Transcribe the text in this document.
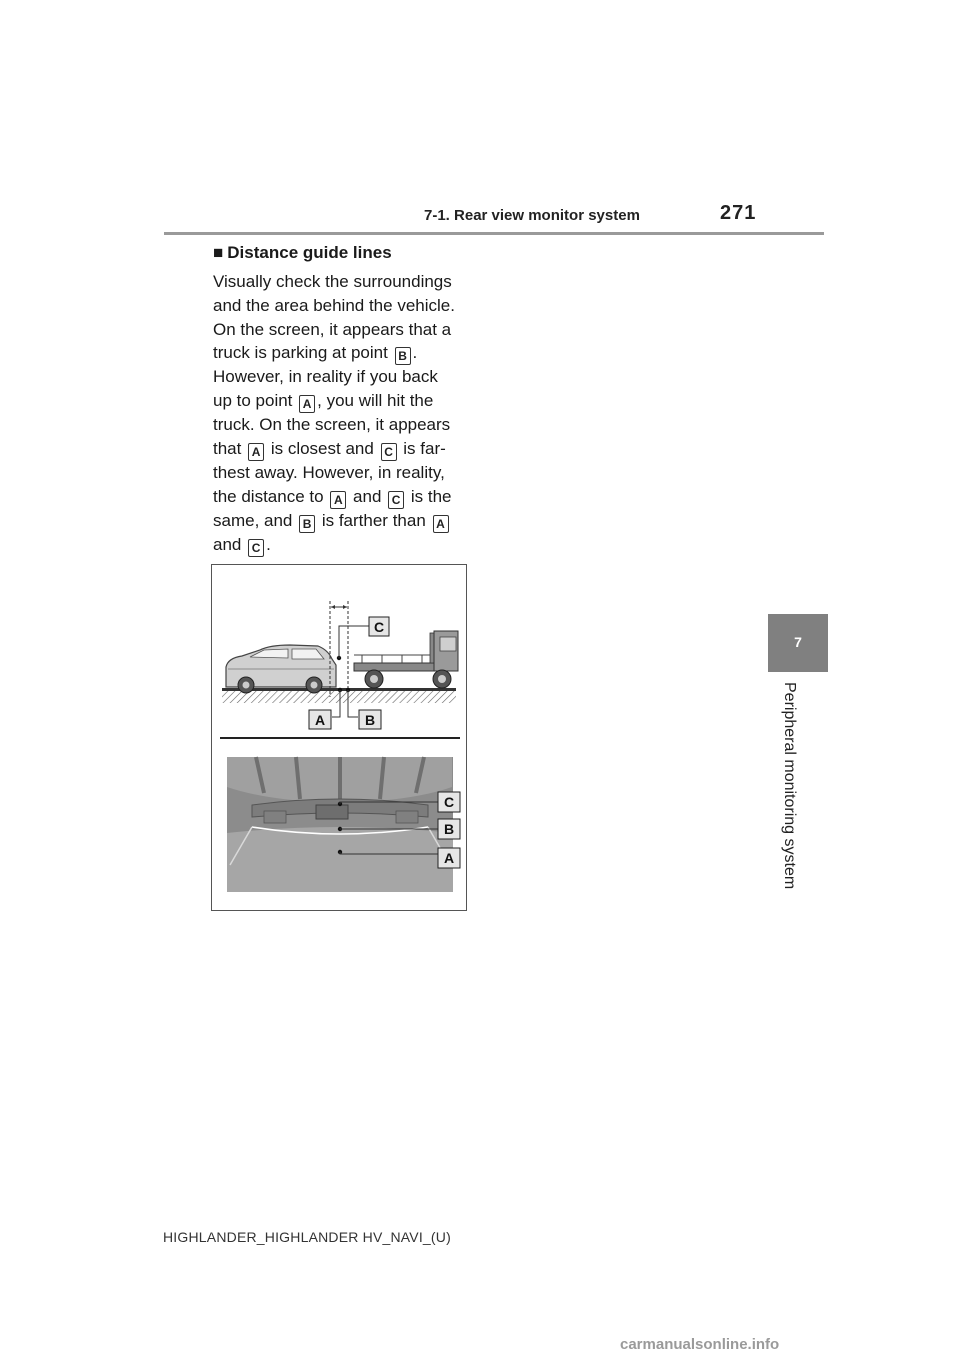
7-1. Rear view monitor system	271
7
Peripheral monitoring system
■ Distance guide lines
Visually check the surroundings
and the area behind the vehicle.
On the screen, it appears that a
truck is parking at point B .
However, in reality if you back
up to point A , you will hit the
truck. On the screen, it appears
that A is closest and C is far-
thest away. However, in reality,
the distance to A and C is the
same, and B is farther than A
and C .
C
A	B
C
B
A
HIGHLANDER_HIGHLANDER HV_NAVI_(U)
carmanualsonline.info
